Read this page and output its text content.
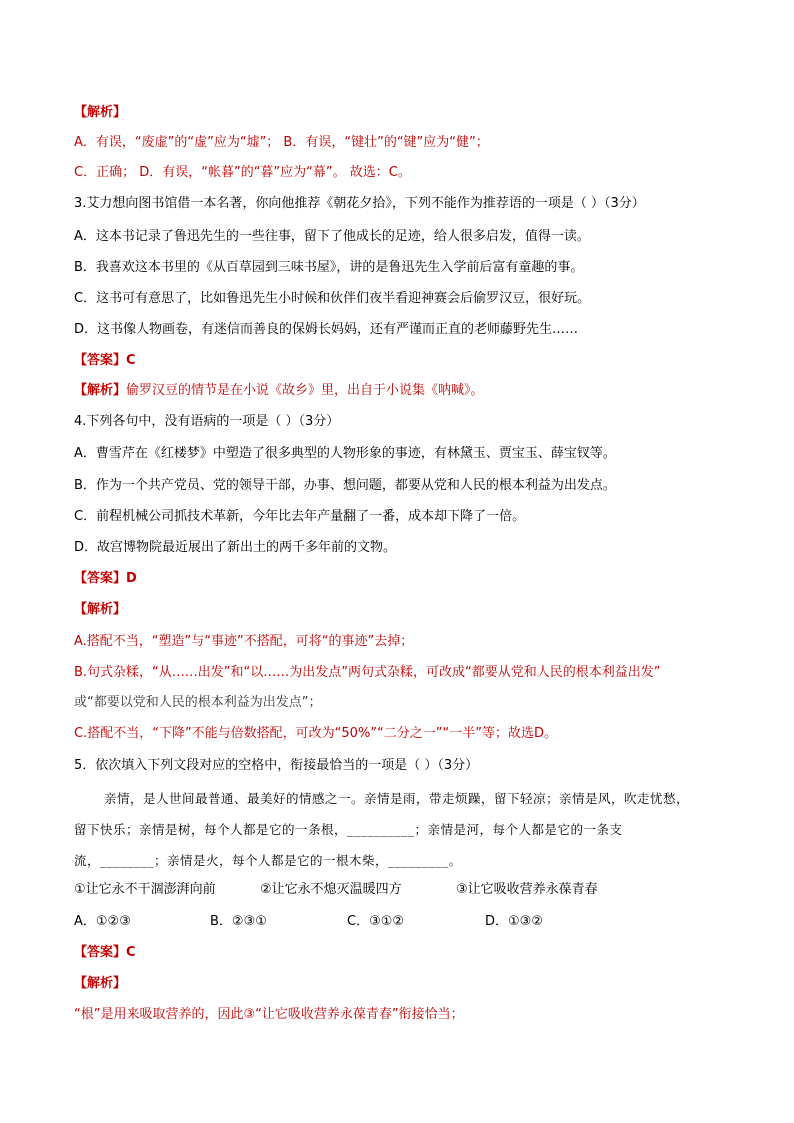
【解析】
A．有误，“废虚”的“虚”应为“墟”； B．有误，“键壮”的“键”应为“健”；
C．正确； D．有误，“帐暮”的“暮”应为“幕”。 故选：C。
3.艾力想向图书馆借一本名著，你向他推荐《朝花夕拾》，下列不能作为推荐语的一项是（ ）（3分）
A．这本书记录了鲁迅先生的一些往事，留下了他成长的足迹，给人很多启发，值得一读。
B．我喜欢这本书里的《从百草园到三味书屋》，讲的是鲁迅先生入学前后富有童趣的事。
C．这书可有意思了，比如鲁迅先生小时候和伙伴们夜半看迎神赛会后偷罗汉豆，很好玩。
D．这书像人物画卷，有迷信而善良的保姆长妈妈，还有严谨而正直的老师藤野先生……
【答案】C
【解析】偷罗汉豆的情节是在小说《故乡》里，出自于小说集《呐喊》。
4.下列各句中，没有语病的一项是（ ）（3分）
A．曹雪芹在《红楼梦》中塑造了很多典型的人物形象的事迹，有林黛玉、贾宝玉、薛宝钗等。
B．作为一个共产党员、党的领导干部，办事、想问题，都要从党和人民的根本利益为出发点。
C．前程机械公司抓技术革新，今年比去年产量翻了一番，成本却下降了一倍。
D．故宫博物院最近展出了新出土的两千多年前的文物。
【答案】D
【解析】
A.搭配不当，“塑造”与“事迹”不搭配，可将“的事迹”去掉；
B.句式杂糅，“从……出发”和“以……为出发点”两句式杂糅，可改成“都要从党和人民的根本利益出发”
或“都要以党和人民的根本利益为出发点”；
C.搭配不当，“下降”不能与倍数搭配，可改为“50%”“二分之一”“一半”等；故选D。
5．依次填入下列文段对应的空格中，衔接最恰当的一项是（ ）（3分）
亲情，是人世间最普通、最美好的情感之一。亲情是雨，带走烦躁，留下轻凉；亲情是风，吹走忧愁，
留下快乐；亲情是树，每个人都是它的一条根，__________；亲情是河，每个人都是它的一条支
流，________；亲情是火，每个人都是它的一根木柴，_________。
①让它永不干涸澎湃向前	②让它永不熄灭温暖四方	③让它吸收营养永葆青春
A．①②③	B．②③①	C．③①②	D．①③②
【答案】C
【解析】
“根”是用来吸取营养的，因此③“让它吸收营养永葆青春”衔接恰当；
